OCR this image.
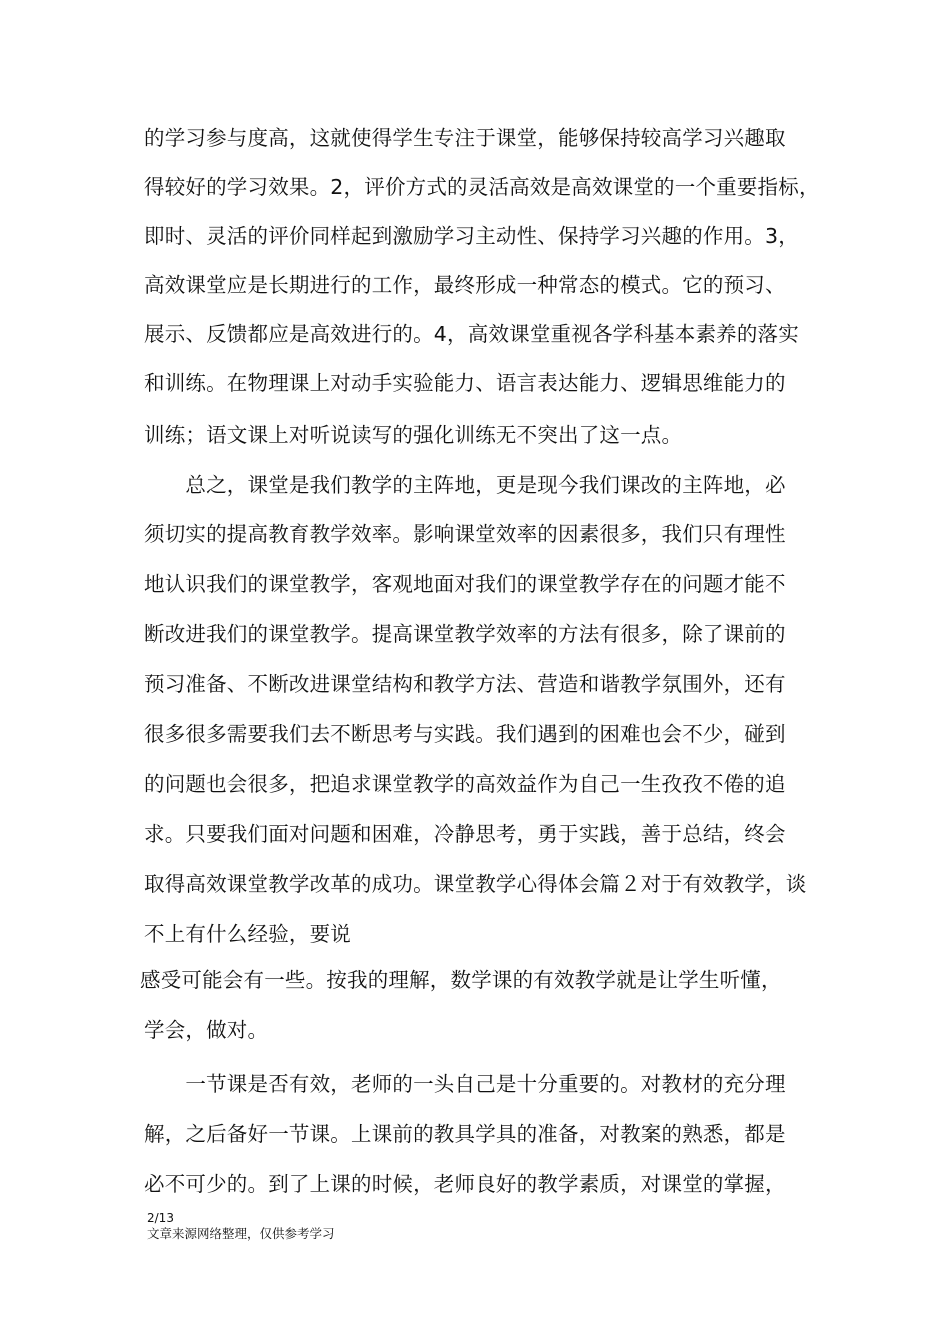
的学习参与度高，这就使得学生专注于课堂，能够保持较高学习兴趣取
得较好的学习效果。2，评价方式的灵活高效是高效课堂的一个重要指标，
即时、灵活的评价同样起到激励学习主动性、保持学习兴趣的作用。3，
高效课堂应是长期进行的工作，最终形成一种常态的模式。它的预习、
展示、反馈都应是高效进行的。4，高效课堂重视各学科基本素养的落实
和训练。在物理课上对动手实验能力、语言表达能力、逻辑思维能力的
训练；语文课上对听说读写的强化训练无不突出了这一点。
　　总之，课堂是我们教学的主阵地，更是现今我们课改的主阵地，必
须切实的提高教育教学效率。影响课堂效率的因素很多，我们只有理性
地认识我们的课堂教学，客观地面对我们的课堂教学存在的问题才能不
断改进我们的课堂教学。提高课堂教学效率的方法有很多，除了课前的
预习准备、不断改进课堂结构和教学方法、营造和谐教学氛围外，还有
很多很多需要我们去不断思考与实践。我们遇到的困难也会不少，碰到
的问题也会很多，把追求课堂教学的高效益作为自己一生孜孜不倦的追
求。只要我们面对问题和困难，冷静思考，勇于实践，善于总结，终会
取得高效课堂教学改革的成功。课堂教学心得体会篇２对于有效教学，谈
不上有什么经验，要说
感受可能会有一些。按我的理解，数学课的有效教学就是让学生听懂，
学会，做对。
　　一节课是否有效，老师的一头自己是十分重要的。对教材的充分理
解，之后备好一节课。上课前的教具学具的准备，对教案的熟悉，都是
必不可少的。到了上课的时候，老师良好的教学素质，对课堂的掌握，
2/13
文章来源网络整理，仅供参考学习
